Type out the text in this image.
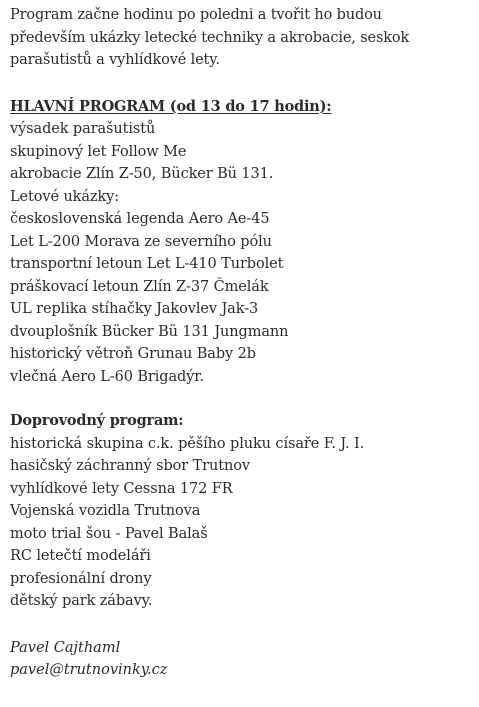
Program začne hodinu po poledni a tvořit ho budou především ukázky letecké techniky a akrobacie, seskok parašutistů a vyhlídkové lety.

HLAVNÍ PROGRAM (od 13 do 17 hodin):
výsadek parašutistů
skupinový let Follow Me
akrobacie Zlín Z-50, Bücker Bü 131.
Letové ukázky:
československá legenda Aero Ae-45
Let L-200 Morava ze severního pólu
transportní letoun Let L-410 Turbolet
práškovací letoun Zlín Z-37 Čmelák
UL replika stíhačky Jakovlev Jak-3
dvouplošník Bücker Bü 131 Jungmann
historický větroň Grunau Baby 2b
vlečná Aero L-60 Brigadýr.
Doprovodný program:
historická skupina c.k. pěšího pluku císaře F. J. I.
hasičský záchranný sbor Trutnov
vyhlídkové lety Cessna 172 FR
Vojenská vozidla Trutnova
moto trial šou - Pavel Balaš
RC letečtí modeláři
profesionální drony
dětský park zábavy.
Pavel Cajthaml
pavel@trutnovinky.cz
